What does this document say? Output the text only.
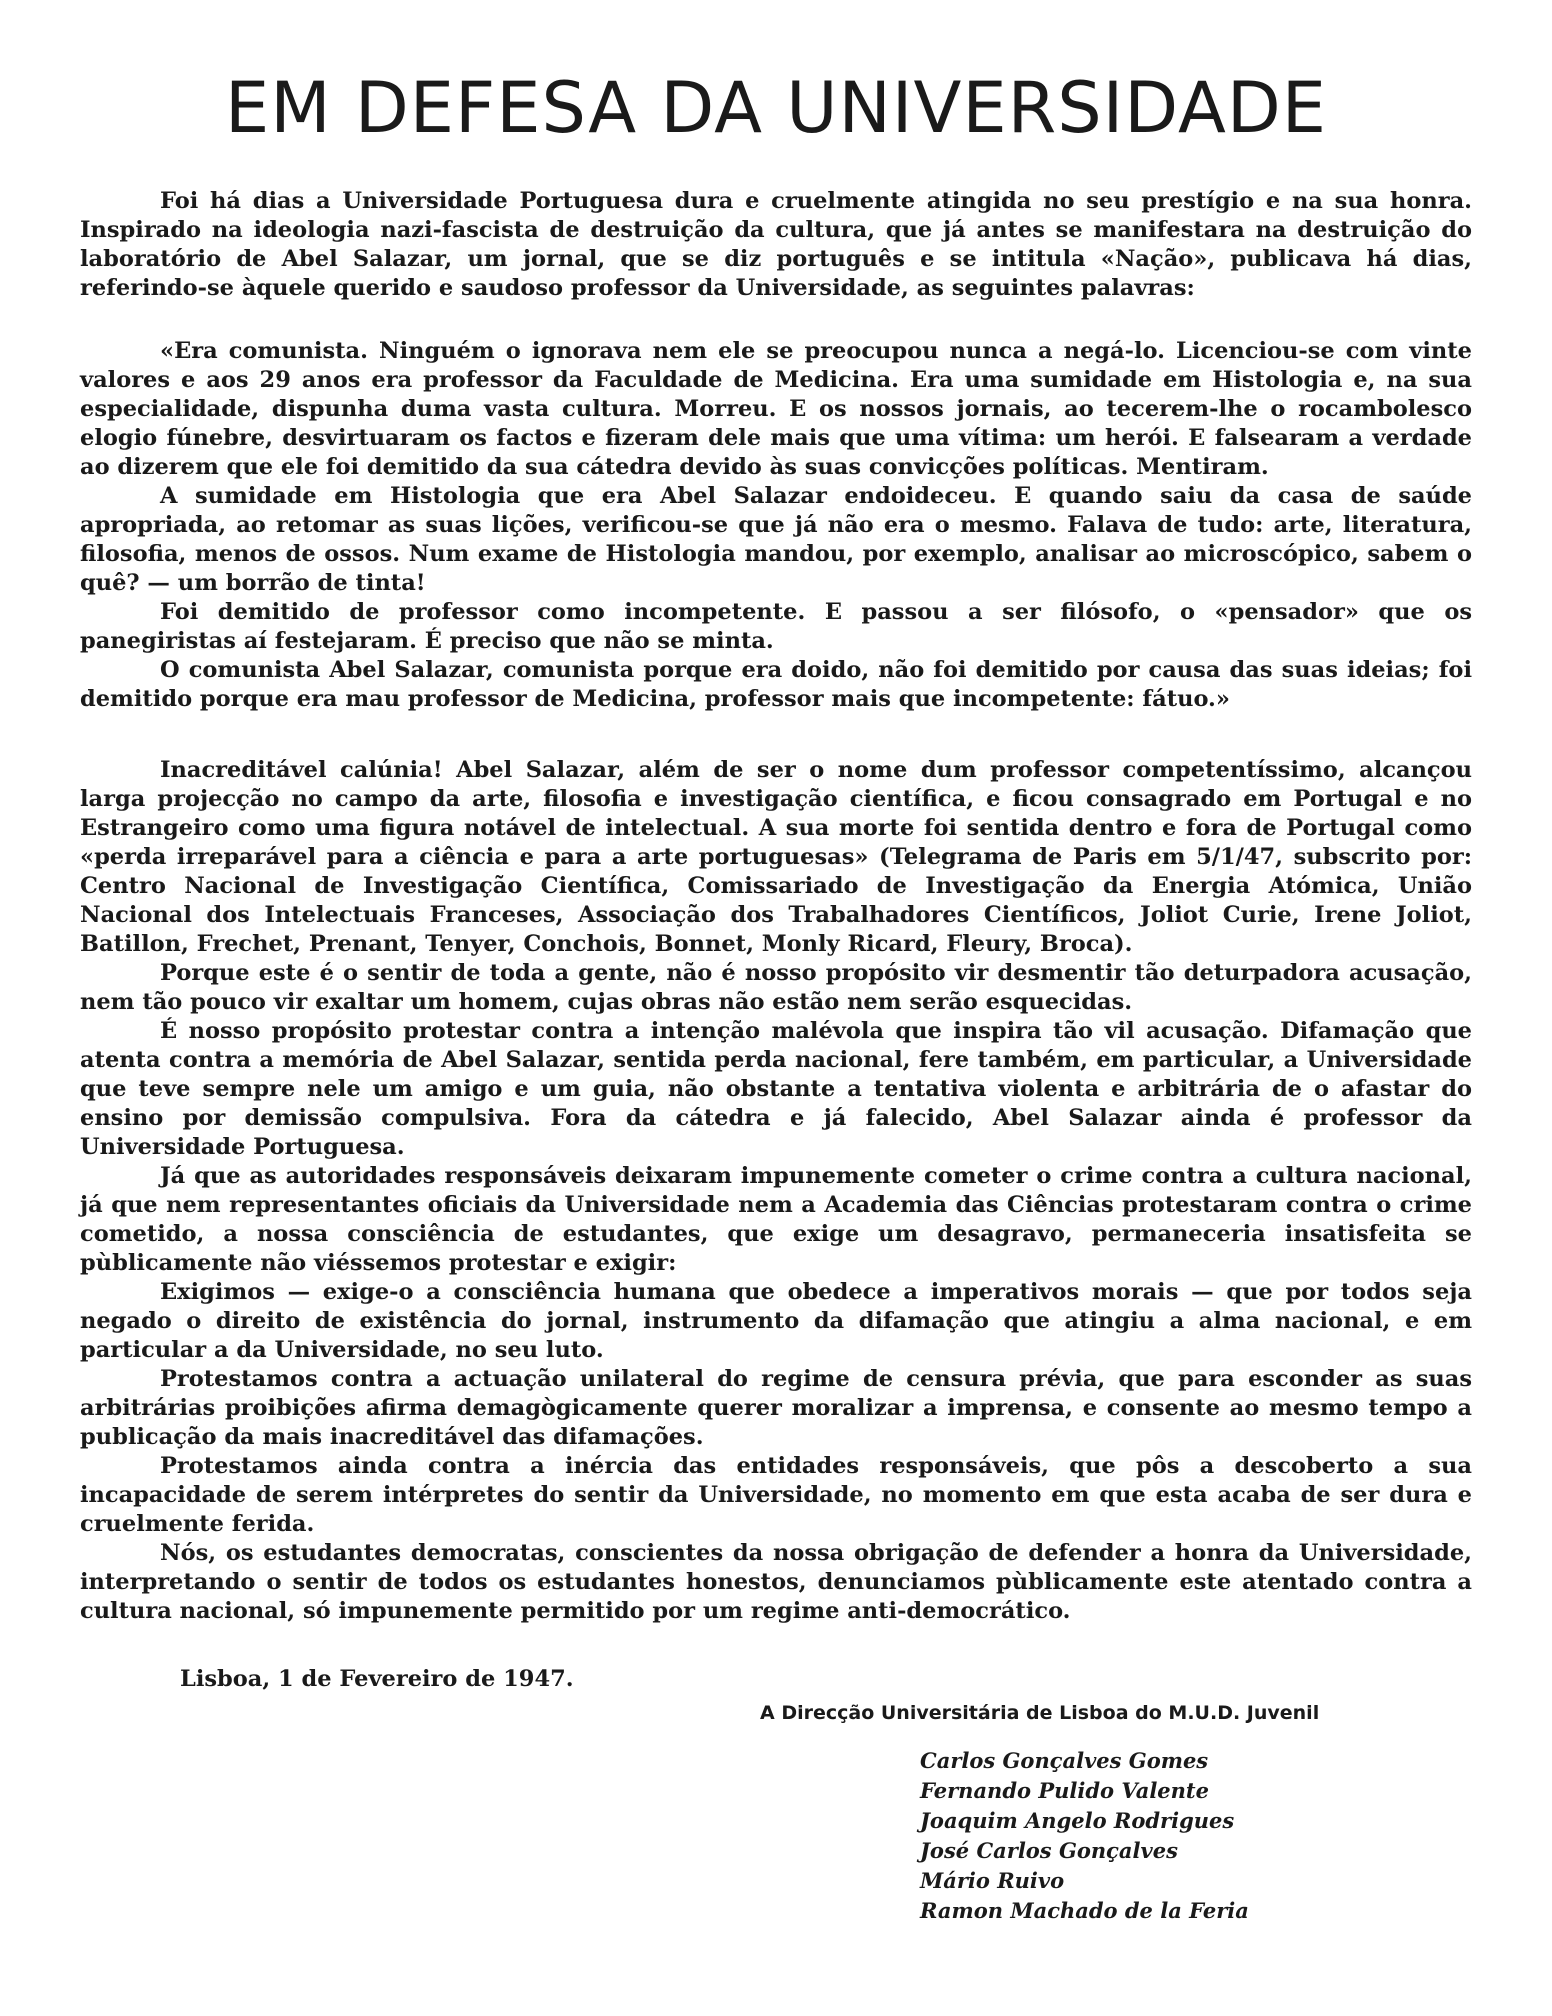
EM DEFESA DA UNIVERSIDADE

Foi há dias a Universidade Portuguesa dura e cruelmente atingida no seu prestígio e na sua honra. Inspirado na ideologia nazi-fascista de destruição da cultura, que já antes se manifestara na destruição do laboratório de Abel Salazar, um jornal, que se diz português e se intitula «Nação», publicava há dias, referindo-se àquele querido e saudoso professor da Universidade, as seguintes palavras:

«Era comunista. Ninguém o ignorava nem ele se preocupou nunca a negá-lo. Licenciou-se com vinte valores e aos 29 anos era professor da Faculdade de Medicina. Era uma sumidade em Histologia e, na sua especialidade, dispunha duma vasta cultura. Morreu. E os nossos jornais, ao tecerem-lhe o rocambolesco elogio fúnebre, desvirtuaram os factos e fizeram dele mais que uma vítima: um herói. E falsearam a verdade ao dizerem que ele foi demitido da sua cátedra devido às suas convicções políticas. Mentiram.

A sumidade em Histologia que era Abel Salazar endoideceu. E quando saiu da casa de saúde apropriada, ao retomar as suas lições, verificou-se que já não era o mesmo. Falava de tudo: arte, literatura, filosofia, menos de ossos. Num exame de Histologia mandou, por exemplo, analisar ao microscópico, sabem o quê? — um borrão de tinta!

Foi demitido de professor como incompetente. E passou a ser filósofo, o «pensador» que os panegiristas aí festejaram. É preciso que não se minta.

O comunista Abel Salazar, comunista porque era doido, não foi demitido por causa das suas ideias; foi demitido porque era mau professor de Medicina, professor mais que incompetente: fátuo.»

Inacreditável calúnia! Abel Salazar, além de ser o nome dum professor competentíssimo, alcançou larga projecção no campo da arte, filosofia e investigação científica, e ficou consagrado em Portugal e no Estrangeiro como uma figura notável de intelectual. A sua morte foi sentida dentro e fora de Portugal como «perda irreparável para a ciência e para a arte portuguesas» (Telegrama de Paris em 5/1/47, subscrito por: Centro Nacional de Investigação Científica, Comissariado de Investigação da Energia Atómica, União Nacional dos Intelectuais Franceses, Associação dos Trabalhadores Científicos, Joliot Curie, Irene Joliot, Batillon, Frechet, Prenant, Tenyer, Conchois, Bonnet, Monly Ricard, Fleury, Broca).

Porque este é o sentir de toda a gente, não é nosso propósito vir desmentir tão deturpadora acusação, nem tão pouco vir exaltar um homem, cujas obras não estão nem serão esquecidas.

É nosso propósito protestar contra a intenção malévola que inspira tão vil acusação. Difamação que atenta contra a memória de Abel Salazar, sentida perda nacional, fere também, em particular, a Universidade que teve sempre nele um amigo e um guia, não obstante a tentativa violenta e arbitrária de o afastar do ensino por demissão compulsiva. Fora da cátedra e já falecido, Abel Salazar ainda é professor da Universidade Portuguesa.

Já que as autoridades responsáveis deixaram impunemente cometer o crime contra a cultura nacional, já que nem representantes oficiais da Universidade nem a Academia das Ciências protestaram contra o crime cometido, a nossa consciência de estudantes, que exige um desagravo, permaneceria insatisfeita se pùblicamente não viéssemos protestar e exigir:

Exigimos — exige-o a consciência humana que obedece a imperativos morais — que por todos seja negado o direito de existência do jornal, instrumento da difamação que atingiu a alma nacional, e em particular a da Universidade, no seu luto.

Protestamos contra a actuação unilateral do regime de censura prévia, que para esconder as suas arbitrárias proibições afirma demagògicamente querer moralizar a imprensa, e consente ao mesmo tempo a publicação da mais inacreditável das difamações.

Protestamos ainda contra a inércia das entidades responsáveis, que pôs a descoberto a sua incapacidade de serem intérpretes do sentir da Universidade, no momento em que esta acaba de ser dura e cruelmente ferida.

Nós, os estudantes democratas, conscientes da nossa obrigação de defender a honra da Universidade, interpretando o sentir de todos os estudantes honestos, denunciamos pùblicamente este atentado contra a cultura nacional, só impunemente permitido por um regime anti-democrático.

Lisboa, 1 de Fevereiro de 1947.
A Direcção Universitária de Lisboa do M.U.D. Juvenil
Carlos Gonçalves Gomes
Fernando Pulido Valente
Joaquim Angelo Rodrigues
José Carlos Gonçalves
Mário Ruivo
Ramon Machado de la Feria
